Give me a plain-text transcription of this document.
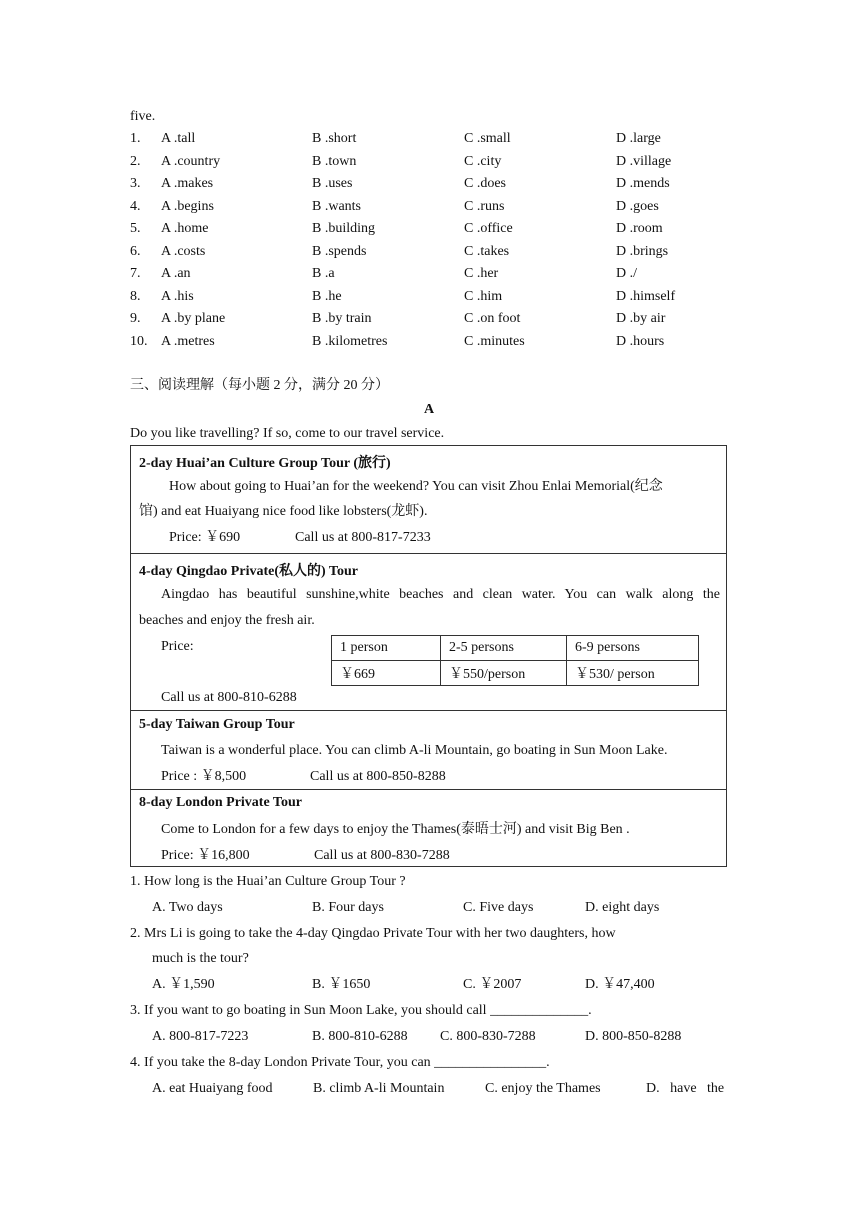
five.
1. A .tall	B .short	C .small	D .large
2. A .country	B .town	C .city	D .village
3. A .makes	B .uses	C .does	D .mends
4. A .begins	B .wants	C .runs	D .goes
5. A .home	B .building	C .office	D .room
6. A .costs	B .spends	C .takes	D .brings
7. A .an	B .a	C .her	D ./
8. A .his	B .he	C .him	D .himself
9. A .by plane	B .by train	C .on foot	D .by air
10. A .metres	B .kilometres	C .minutes	D .hours
三、阅读理解（每小题 2 分，满分 20 分）
A
Do you like travelling? If so, come to our travel service.
2-day Huai’an Culture Group Tour (旅行)
How about going to Huai’an for the weekend? You can visit Zhou Enlai Memorial(纪念
馆) and eat Huaiyang nice food like lobsters(龙虾).
Price: ￥690	Call us at 800-817-7233
4-day Qingdao Private(私人的) Tour
Aingdao has beautiful sunshine,white beaches and clean water. You can walk along the
beaches and enjoy the fresh air.
Price:	1 person	2-5 persons	6-9 persons
￥669	￥550/person	￥530/ person
Call us at 800-810-6288
5-day Taiwan Group Tour
Taiwan is a wonderful place. You can climb A-li Mountain, go boating in Sun Moon Lake.
Price : ￥8,500	Call us at 800-850-8288
8-day London Private Tour
Come to London for a few days to enjoy the Thames(泰晤士河) and visit Big Ben .
Price: ￥16,800	Call us at 800-830-7288
1. How long is the Huai’an Culture Group Tour ?
A. Two days	B. Four days	C. Five days	D. eight days
2. Mrs Li is going to take the 4-day Qingdao Private Tour with her two daughters, how
much is the tour?
A. ￥1,590	B. ￥1650	C. ￥2007	D. ￥47,400
3. If you want to go boating in Sun Moon Lake, you should call ______________.
A. 800-817-7223	B. 800-810-6288 C. 800-830-7288	D. 800-850-8288
4. If you take the 8-day London Private Tour, you can ________________.
A. eat Huaiyang food	B. climb A-li Mountain	C. enjoy the Thames	D.   have   the
